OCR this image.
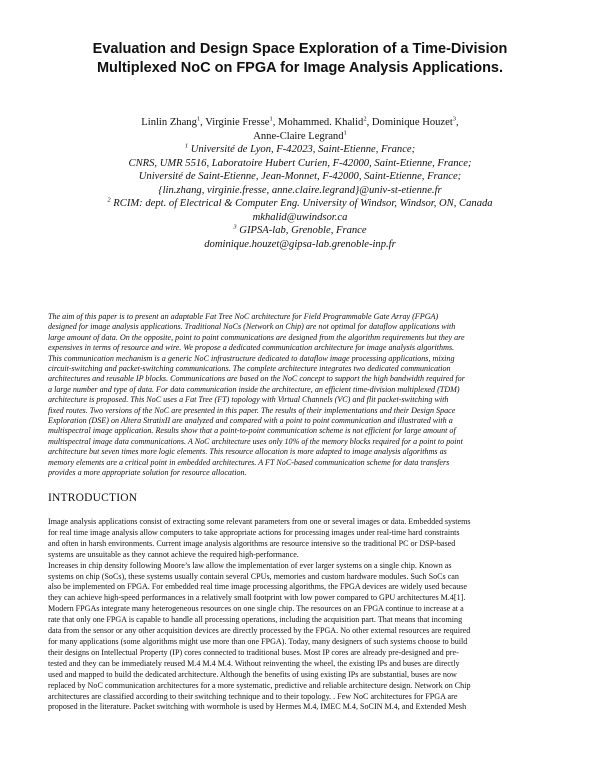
Evaluation and Design Space Exploration of a Time-Division
Multiplexed NoC on FPGA for Image Analysis Applications.
Linlin Zhang$^1$, Virginie Fresse$^1$, Mohammed. Khalid$^2$, Dominique Houzet$^3$,
Anne-Claire Legrand$^1$
$^1$ Université de Lyon, F-42023, Saint-Etienne, France;
CNRS, UMR 5516, Laboratoire Hubert Curien, F-42000, Saint-Etienne, France;
Université de Saint-Etienne, Jean-Monnet, F-42000, Saint-Etienne, France;
{lin.zhang, virginie.fresse, anne.claire.legrand}@univ-st-etienne.fr
$^2$ RCIM: dept. of Electrical & Computer Eng. University of Windsor, Windsor, ON, Canada
mkhalid@uwindsor.ca
$^3$ GIPSA-lab, Grenoble, France
dominique.houzet@gipsa-lab.grenoble-inp.fr

The aim of this paper is to present an adaptable Fat Tree NoC architecture for Field Programmable Gate Array (FPGA)
designed for image analysis applications. Traditional NoCs (Network on Chip) are not optimal for dataflow applications with
large amount of data. On the opposite, point to point communications are designed from the algorithm requirements but they are
expensives in terms of resource and wire. We propose a dedicated communication architecture for image analysis algorithms.
This communication mechanism is a generic NoC infrastructure dedicated to dataflow image processing applications, mixing
circuit-switching and packet-switching communications. The complete architecture integrates two dedicated communication
architectures and reusable IP blocks. Communications are based on the NoC concept to support the high bandwidth required for
a large number and type of data. For data communication inside the architecture, an efficient time-division multiplexed (TDM)
architecture is proposed. This NoC uses a Fat Tree (FT) topology with Virtual Channels (VC) and flit packet-switching with
fixed routes. Two versions of the NoC are presented in this paper. The results of their implementations and their Design Space
Exploration (DSE) on Altera StratixII are analyzed and compared with a point to point communication and illustrated with a
multispectral image application. Results show that a point-to-point communication scheme is not efficient for large amount of
multispectral image data communications. A NoC architecture uses only 10% of the memory blocks required for a point to point
architecture but seven times more logic elements. This resource allocation is more adapted to image analysis algorithms as
memory elements are a critical point in embedded architectures. A FT NoC-based communication scheme for data transfers
provides a more appropriate solution for resource allocation.

INTRODUCTION

Image analysis applications consist of extracting some relevant parameters from one or several images or data. Embedded systems
for real time image analysis allow computers to take appropriate actions for processing images under real-time hard constraints
and often in harsh environments. Current image analysis algorithms are resource intensive so the traditional PC or DSP-based
systems are unsuitable as they cannot achieve the required high-performance.
Increases in chip density following Moore’s law allow the implementation of ever larger systems on a single chip. Known as
systems on chip (SoCs), these systems usually contain several CPUs, memories and custom hardware modules. Such SoCs can
also be implemented on FPGA. For embedded real time image processing algorithms, the FPGA devices are widely used because
they can achieve high-speed performances in a relatively small footprint with low power compared to GPU architectures M.4[1].
Modern FPGAs integrate many heterogeneous resources on one single chip. The resources on an FPGA continue to increase at a
rate that only one FPGA is capable to handle all processing operations, including the acquisition part. That means that incoming
data from the sensor or any other acquisition devices are directly processed by the FPGA. No other external resources are required
for many applications (some algorithms might use more than one FPGA). Today, many designers of such systems choose to build
their designs on Intellectual Property (IP) cores connected to traditional buses. Most IP cores are already pre-designed and pre-
tested and they can be immediately reused M.4 M.4 M.4. Without reinventing the wheel, the existing IPs and buses are directly
used and mapped to build the dedicated architecture. Although the benefits of using existing IPs are substantial, buses are now
replaced by NoC communication architectures for a more systematic, predictive and reliable architecture design. Network on Chip
architectures are classified according to their switching technique and to their topology. . Few NoC architectures for FPGA are
proposed in the literature. Packet switching with wormhole is used by Hermes M.4, IMEC M.4, SoCIN M.4, and Extended Mesh
